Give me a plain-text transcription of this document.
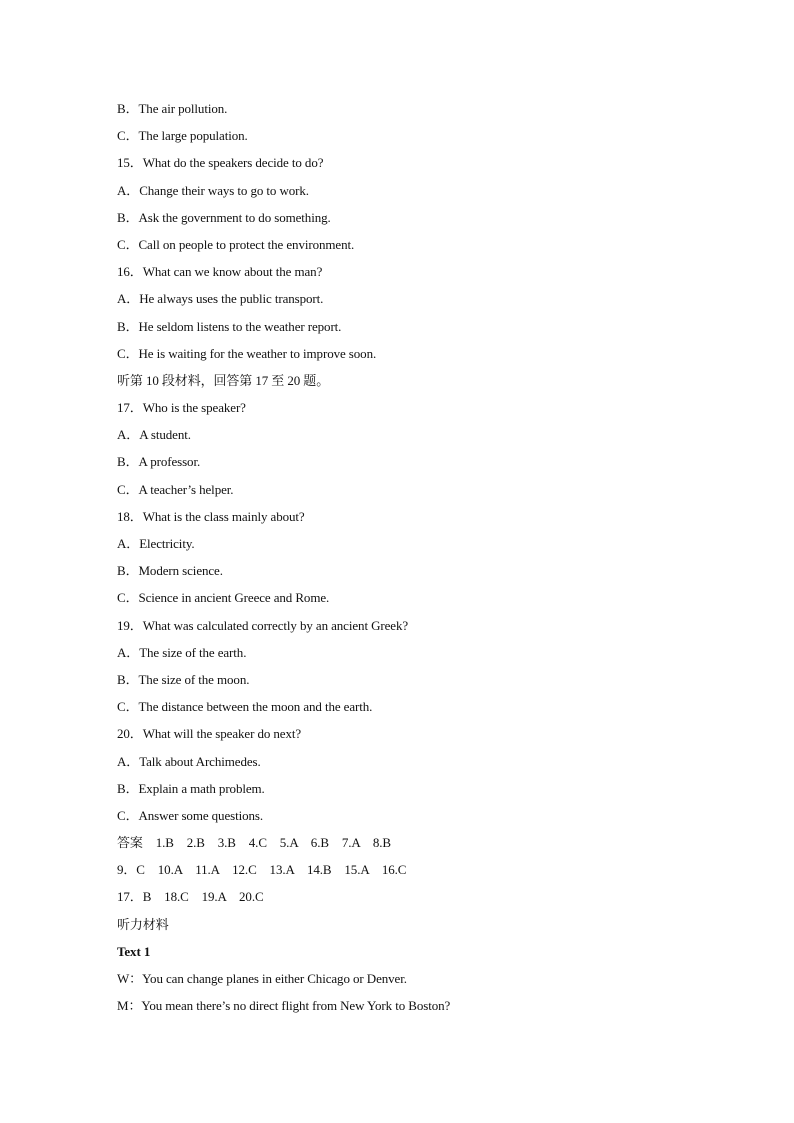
B．The air pollution.
C．The large population.
15．What do the speakers decide to do?
A．Change their ways to go to work.
B．Ask the government to do something.
C．Call on people to protect the environment.
16．What can we know about the man?
A．He always uses the public transport.
B．He seldom listens to the weather report.
C．He is waiting for the weather to improve soon.
听第 10 段材料，回答第 17 至 20 题。
17．Who is the speaker?
A．A student.
B．A professor.
C．A teacher’s helper.
18．What is the class mainly about?
A．Electricity.
B．Modern science.
C．Science in ancient Greece and Rome.
19．What was calculated correctly by an ancient Greek?
A．The size of the earth.
B．The size of the moon.
C．The distance between the moon and the earth.
20．What will the speaker do next?
A．Talk about Archimedes.
B．Explain a math problem.
C．Answer some questions.
答案　1.B　2.B　3.B　4.C　5.A　6.B　7.A　8.B
9．C　10.A　11.A　12.C　13.A　14.B　15.A　16.C
17．B　18.C　19.A　20.C
听力材料
Text 1
W：You can change planes in either Chicago or Denver.
M：You mean there’s no direct flight from New York to Boston?
